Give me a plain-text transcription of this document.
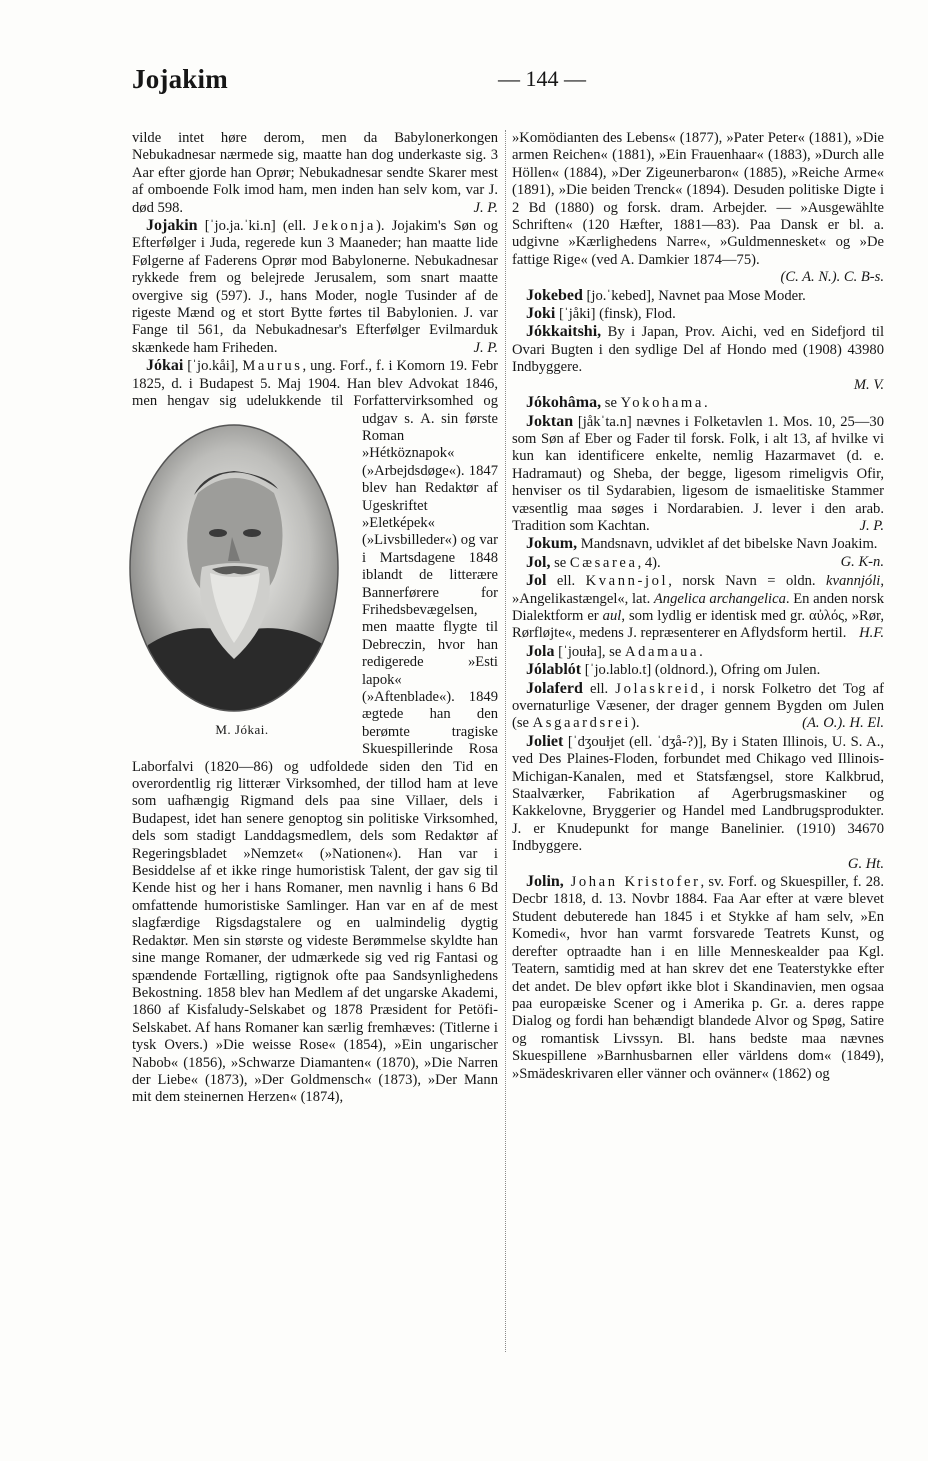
Jojakim	— 144 —

vilde intet høre derom, men da Babylonerkongen Nebukadnesar nærmede sig, maatte han dog underkaste sig. 3 Aar efter gjorde han Oprør; Nebukadnesar sendte Skarer mest af omboende Folk imod ham, men inden han selv kom, var J. død 598.	J. P.

Jojakin [ˈjo.ja.ˈki.n] (ell. Jekonja). Jojakim's Søn og Efterfølger i Juda, regerede kun 3 Maaneder; han maatte lide Følgerne af Faderens Oprør mod Babylonerne. Nebukadnesar rykkede frem og belejrede Jerusalem, som snart maatte overgive sig (597). J., hans Moder, nogle Tusinder af de rigeste Mænd og et stort Bytte førtes til Babylonien. J. var Fange til 561, da Nebukadnesar's Efterfølger Evilmarduk skænkede ham Friheden.	J. P.

Jókai [ˈjo.kåi], Maurus, ung. Forf., f. i Komorn 19. Febr 1825, d. i Budapest 5. Maj 1904. Han blev Advokat 1846, men hengav sig udelukkende til Forfattervirksomhed og udgav s.
M. Jókai.
A. sin første Roman »Hétköznapok« (»Arbejdsdøge«). 1847 blev han Redaktør af Ugeskriftet »Eletképek« (»Livsbilleder«) og var i Martsdagene 1848 iblandt de litterære Bannerførere for Frihedsbevægelsen, men maatte flygte til Debreczin, hvor han redigerede »Esti lapok« (»Aftenblade«). 1849 ægtede han den berømte tragiske Skuespillerinde Rosa Laborfalvi (1820—86) og udfoldede siden den Tid en overordentlig rig litterær Virksomhed, der tillod ham at leve som uafhængig Rigmand dels paa sine Villaer, dels i Budapest, idet han senere genoptog sin politiske Virksomhed, dels som stadigt Landdagsmedlem, dels som Redaktør af Regeringsbladet »Nemzet« (»Nationen«). Han var i Besiddelse af et ikke ringe humoristisk Talent, der gav sig til Kende hist og her i hans Romaner, men navnlig i hans 6 Bd omfattende humoristiske Samlinger. Han var en af de mest slagfærdige Rigsdagstalere og en ualmindelig dygtig Redaktør. Men sin største og videste Berømmelse skyldte han sine mange Romaner, der udmærkede sig ved rig Fantasi og spændende Fortælling, rigtignok ofte paa Sandsynlighedens Bekostning. 1858 blev han Medlem af det ungarske Akademi, 1860 af Kisfaludy-Selskabet og 1878 Præsident for Petöfi-Selskabet. Af hans Romaner kan særlig fremhæves: (Titlerne i tysk Overs.) »Die weisse Rose« (1854), »Ein ungarischer Nabob« (1856), »Schwarze Diamanten« (1870), »Die Narren der Liebe« (1873), »Der Goldmensch« (1873), »Der Mann mit dem steinernen Herzen« (1874),

»Komödianten des Lebens« (1877), »Pater Peter« (1881), »Die armen Reichen« (1881), »Ein Frauenhaar« (1883), »Durch alle Höllen« (1884), »Der Zigeunerbaron« (1885), »Reiche Arme« (1891), »Die beiden Trenck« (1894). Desuden politiske Digte i 2 Bd (1880) og forsk. dram. Arbejder. — »Ausgewählte Schriften« (120 Hæfter, 1881—83). Paa Dansk er bl. a. udgivne »Kærlighedens Narre«, »Guldmennesket« og »De fattige Rige« (ved A. Damkier 1874—75).
(C. A. N.). C. B-s.

Jokebed [jo.ˈkebed], Navnet paa Mose Moder.

Joki [ˈjåki] (finsk), Flod.

Jókkaitshi, By i Japan, Prov. Aichi, ved en Sidefjord til Ovari Bugten i den sydlige Del af Hondo med (1908) 43980 Indbyggere.
M. V.

Jókohâma, se Yokohama.

Joktan [jåkˈta.n] nævnes i Folketavlen 1. Mos. 10, 25—30 som Søn af Eber og Fader til forsk. Folk, i alt 13, af hvilke vi kun kan identificere enkelte, nemlig Hazarmavet (d. e. Hadramaut) og Sheba, der begge, ligesom rimeligvis Ofir, henviser os til Sydarabien, ligesom de ismaelitiske Stammer væsentlig maa søges i Nordarabien. J. lever i den arab. Tradition som Kachtan.	J. P.

Jokum, Mandsnavn, udviklet af det bibelske Navn Joakim.
G. K-n.

Jol, se Cæsarea, 4).

Jol ell. Kvann-jol, norsk Navn = oldn. kvannjóli, »Angelikastængel«, lat. Angelica archangelica. En anden norsk Dialektform er aul, som lydlig er identisk med gr. αὐλός, »Rør, Rørfløjte«, medens J. repræsenterer en Aflydsform hertil. H.F.

Jola [ˈjouɫa], se Adamaua.

Jólablót [ˈjo.lablo.t] (oldnord.), Ofring om Julen.

Jolaferd ell. Jolaskreid, i norsk Folketro det Tog af overnaturlige Væsener, der drager gennem Bygden om Julen (se Asgaardsrei).	(A. O.). H. El.

Joliet [ˈdʒouɫjet (ell. ˈdʒå-?)], By i Staten Illinois, U. S. A., ved Des Plaines-Floden, forbundet med Chikago ved Illinois-Michigan-Kanalen, med et Statsfængsel, store Kalkbrud, Staalværker, Fabrikation af Agerbrugsmaskiner og Kakkelovne, Bryggerier og Handel med Landbrugsprodukter. J. er Knudepunkt for mange Banelinier. (1910) 34670 Indbyggere.
G. Ht.

Jolin, Johan Kristofer, sv. Forf. og Skuespiller, f. 28. Decbr 1818, d. 13. Novbr 1884. Faa Aar efter at være blevet Student debuterede han 1845 i et Stykke af ham selv, »En Komedi«, hvor han varmt forsvarede Teatrets Kunst, og derefter optraadte han i en lille Menneskealder paa Kgl. Teatern, samtidig med at han skrev det ene Teaterstykke efter det andet. De blev opført ikke blot i Skandinavien, men ogsaa paa europæiske Scener og i Amerika p. Gr. a. deres rappe Dialog og fordi han behændigt blandede Alvor og Spøg, Satire og romantisk Livssyn. Bl. hans bedste maa nævnes Skuespillene »Barnhusbarnen eller världens dom« (1849), »Smädeskrivaren eller vänner och ovänner« (1862) og
